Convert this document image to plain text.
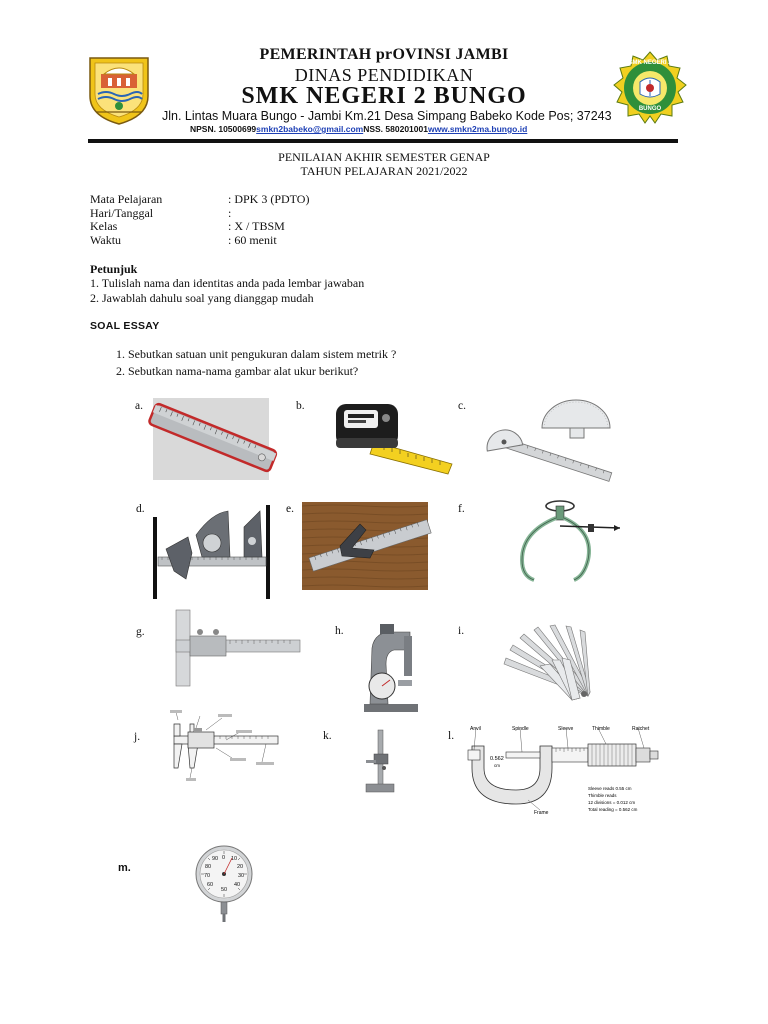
SMK NEGERI 2
BUNGO
PEMERINTAH prOVINSI JAMBI
DINAS PENDIDIKAN
SMK NEGERI 2 BUNGO
Jln. Lintas Muara Bungo - Jambi Km.21 Desa Simpang Babeko Kode Pos; 37243
NPSN. 10500699smkn2babeko@gmail.comNSS. 580201001www.smkn2ma.bungo.id
PENILAIAN AKHIR SEMESTER GENAP
TAHUN PELAJARAN 2021/2022
Mata Pelajaran	: DPK 3 (PDTO)
Hari/Tanggal	:
Kelas	: X / TBSM
Waktu	: 60 menit
Petunjuk
1. Tulislah nama dan identitas anda pada lembar jawaban
2. Jawablah dahulu soal yang dianggap mudah
SOAL ESSAY
1. Sebutkan satuan unit pengukuran dalam sistem metrik ?
2. Sebutkan nama-nama gambar alat ukur berikut?
a.	b.	c.
d.	e.	f.
g.	h.	i.
j.	k.	l.
m.
Anvil	Spindle	Sleeve	Thimble	Ratchet
Frame
0.562
cm
Sleeve reads 0.55 cm
Thimble reads
12 divisions = 0.012 cm
Total reading = 0.562 cm
90 0 10
80	20
70	30
60	40
50
